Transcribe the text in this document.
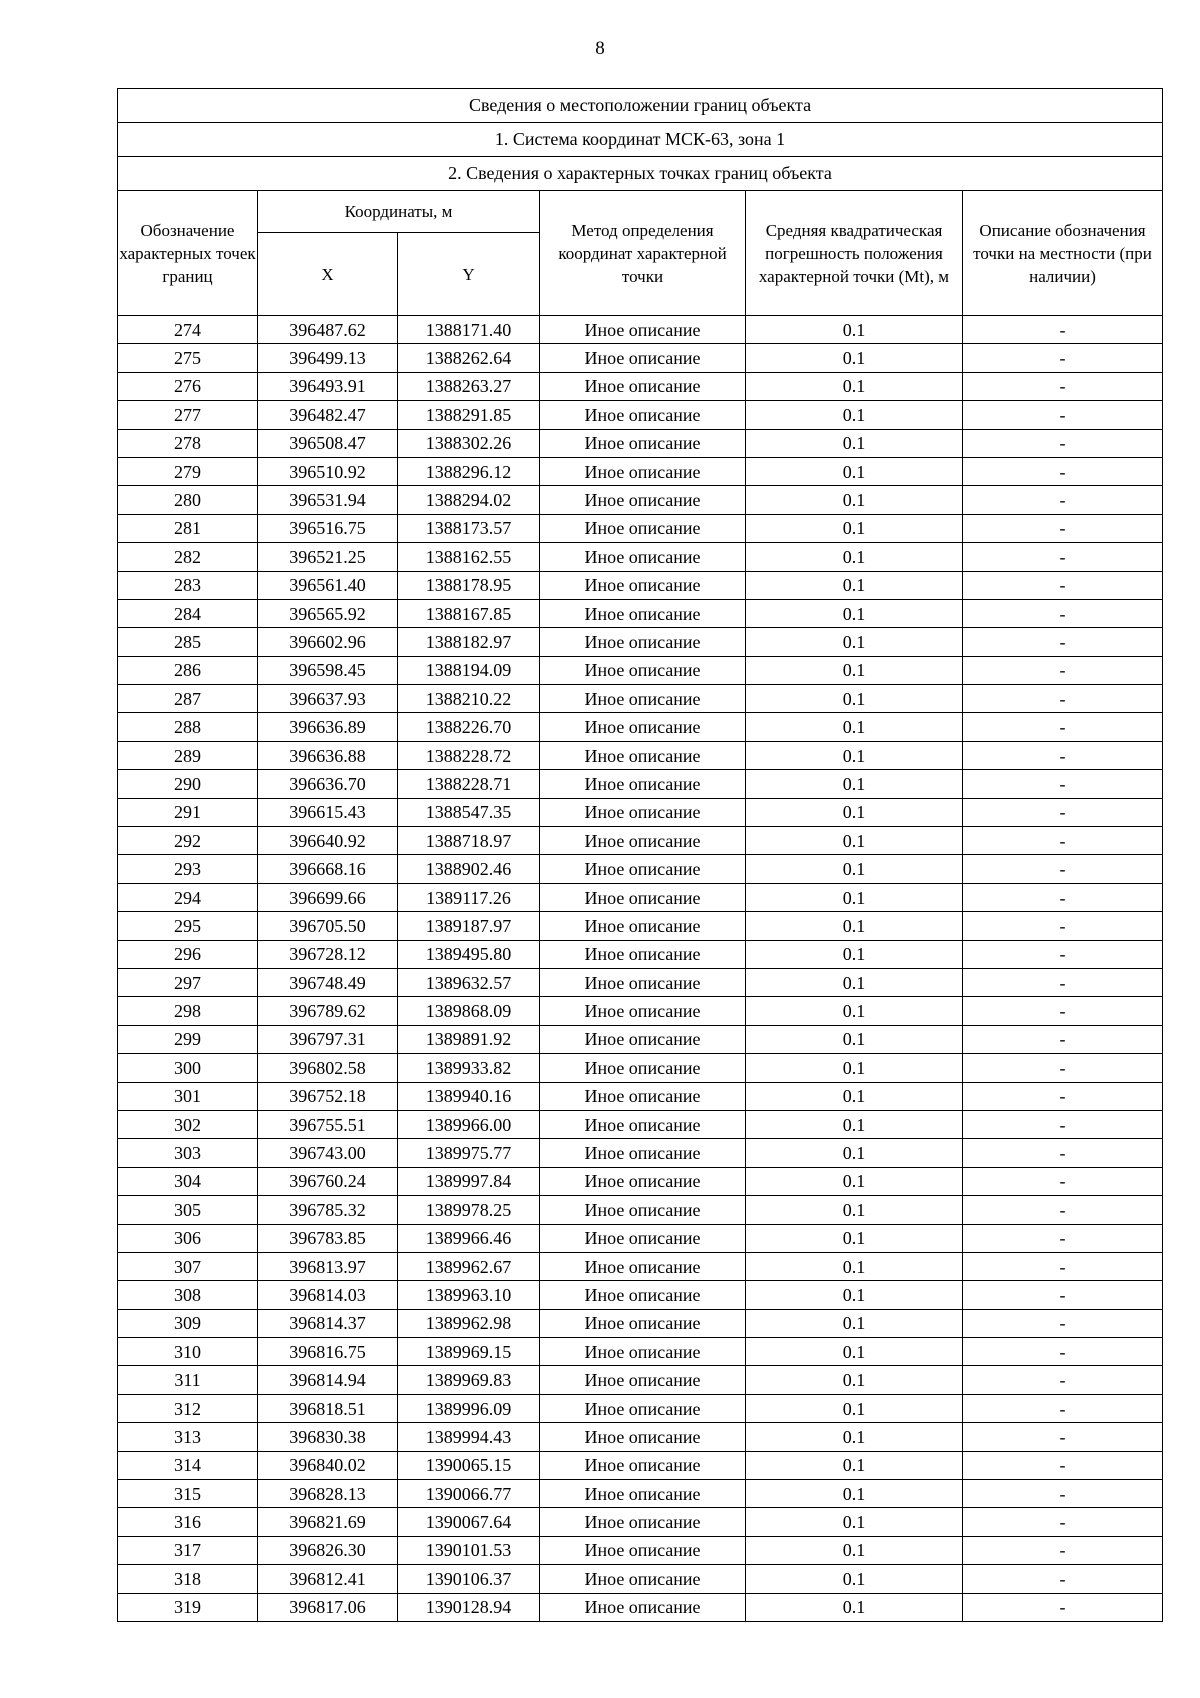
8
Сведения о местоположении границ объекта					
1. Система координат МСК-63, зона 1					
2. Сведения о характерных точках границ объекта					
Обозначение характерных точек границ	Координаты, м		Метод определения координат характерной точки	Средняя квадратическая погрешность положения характерной точки (Mt), м	Описание обозначения точки на местности (при наличии)
	X	Y			
274	396487.62	1388171.40	Иное описание	0.1	-
275	396499.13	1388262.64	Иное описание	0.1	-
276	396493.91	1388263.27	Иное описание	0.1	-
277	396482.47	1388291.85	Иное описание	0.1	-
278	396508.47	1388302.26	Иное описание	0.1	-
279	396510.92	1388296.12	Иное описание	0.1	-
280	396531.94	1388294.02	Иное описание	0.1	-
281	396516.75	1388173.57	Иное описание	0.1	-
282	396521.25	1388162.55	Иное описание	0.1	-
283	396561.40	1388178.95	Иное описание	0.1	-
284	396565.92	1388167.85	Иное описание	0.1	-
285	396602.96	1388182.97	Иное описание	0.1	-
286	396598.45	1388194.09	Иное описание	0.1	-
287	396637.93	1388210.22	Иное описание	0.1	-
288	396636.89	1388226.70	Иное описание	0.1	-
289	396636.88	1388228.72	Иное описание	0.1	-
290	396636.70	1388228.71	Иное описание	0.1	-
291	396615.43	1388547.35	Иное описание	0.1	-
292	396640.92	1388718.97	Иное описание	0.1	-
293	396668.16	1388902.46	Иное описание	0.1	-
294	396699.66	1389117.26	Иное описание	0.1	-
295	396705.50	1389187.97	Иное описание	0.1	-
296	396728.12	1389495.80	Иное описание	0.1	-
297	396748.49	1389632.57	Иное описание	0.1	-
298	396789.62	1389868.09	Иное описание	0.1	-
299	396797.31	1389891.92	Иное описание	0.1	-
300	396802.58	1389933.82	Иное описание	0.1	-
301	396752.18	1389940.16	Иное описание	0.1	-
302	396755.51	1389966.00	Иное описание	0.1	-
303	396743.00	1389975.77	Иное описание	0.1	-
304	396760.24	1389997.84	Иное описание	0.1	-
305	396785.32	1389978.25	Иное описание	0.1	-
306	396783.85	1389966.46	Иное описание	0.1	-
307	396813.97	1389962.67	Иное описание	0.1	-
308	396814.03	1389963.10	Иное описание	0.1	-
309	396814.37	1389962.98	Иное описание	0.1	-
310	396816.75	1389969.15	Иное описание	0.1	-
311	396814.94	1389969.83	Иное описание	0.1	-
312	396818.51	1389996.09	Иное описание	0.1	-
313	396830.38	1389994.43	Иное описание	0.1	-
314	396840.02	1390065.15	Иное описание	0.1	-
315	396828.13	1390066.77	Иное описание	0.1	-
316	396821.69	1390067.64	Иное описание	0.1	-
317	396826.30	1390101.53	Иное описание	0.1	-
318	396812.41	1390106.37	Иное описание	0.1	-
319	396817.06	1390128.94	Иное описание	0.1	-
